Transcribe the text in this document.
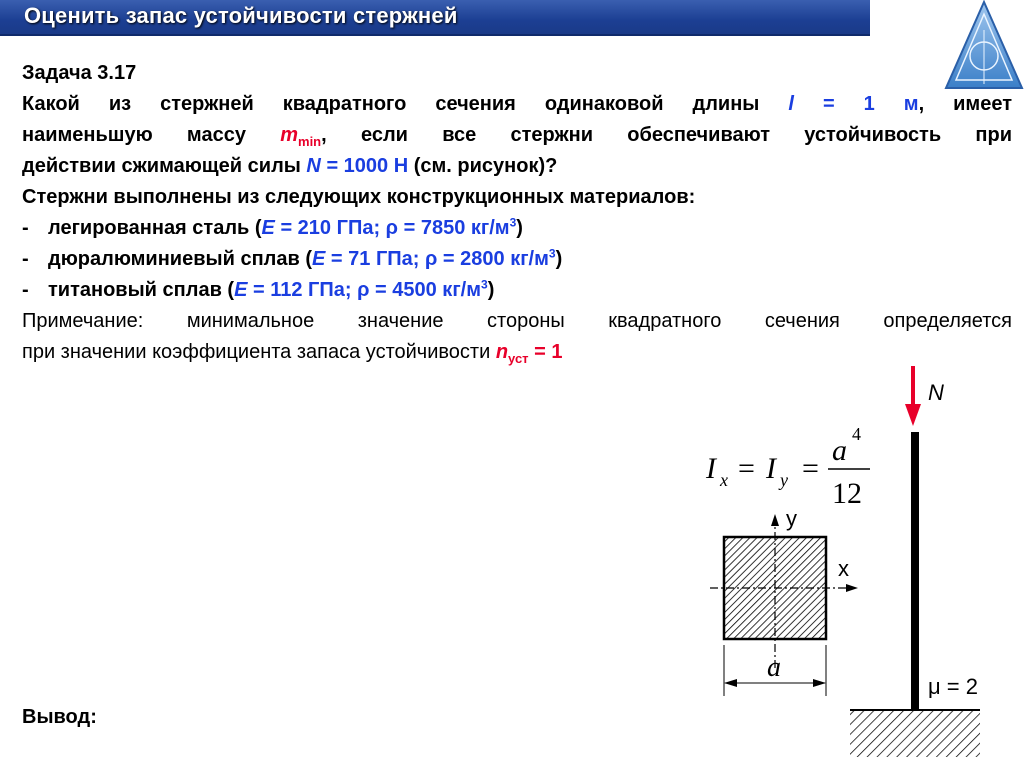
Оценить запас устойчивости стержней
Задача 3.17
Какой из стержней квадратного сечения одинаковой длины l = 1 м, имеет
наименьшую массу $m_{min}$, если все стержни обеспечивают устойчивость при
действии сжимающей силы N = 1000 Н (см. рисунок)?
Стержни выполнены из следующих конструкционных материалов:
- легированная сталь (E = 210 ГПа; ρ = 7850 $кг/м^3$)
- дюралюминиевый сплав (E = 71 ГПа; ρ = 2800 $кг/м^3$)
- титановый сплав (E = 112 ГПа; ρ = 4500 $кг/м^3$)
Примечание: минимальное значение стороны квадратного сечения определяется
при значении коэффициента запаса устойчивости $n_{уст} = 1$
N
μ = 2
I x = I y =
a 4
12
y
x
a
Вывод:
